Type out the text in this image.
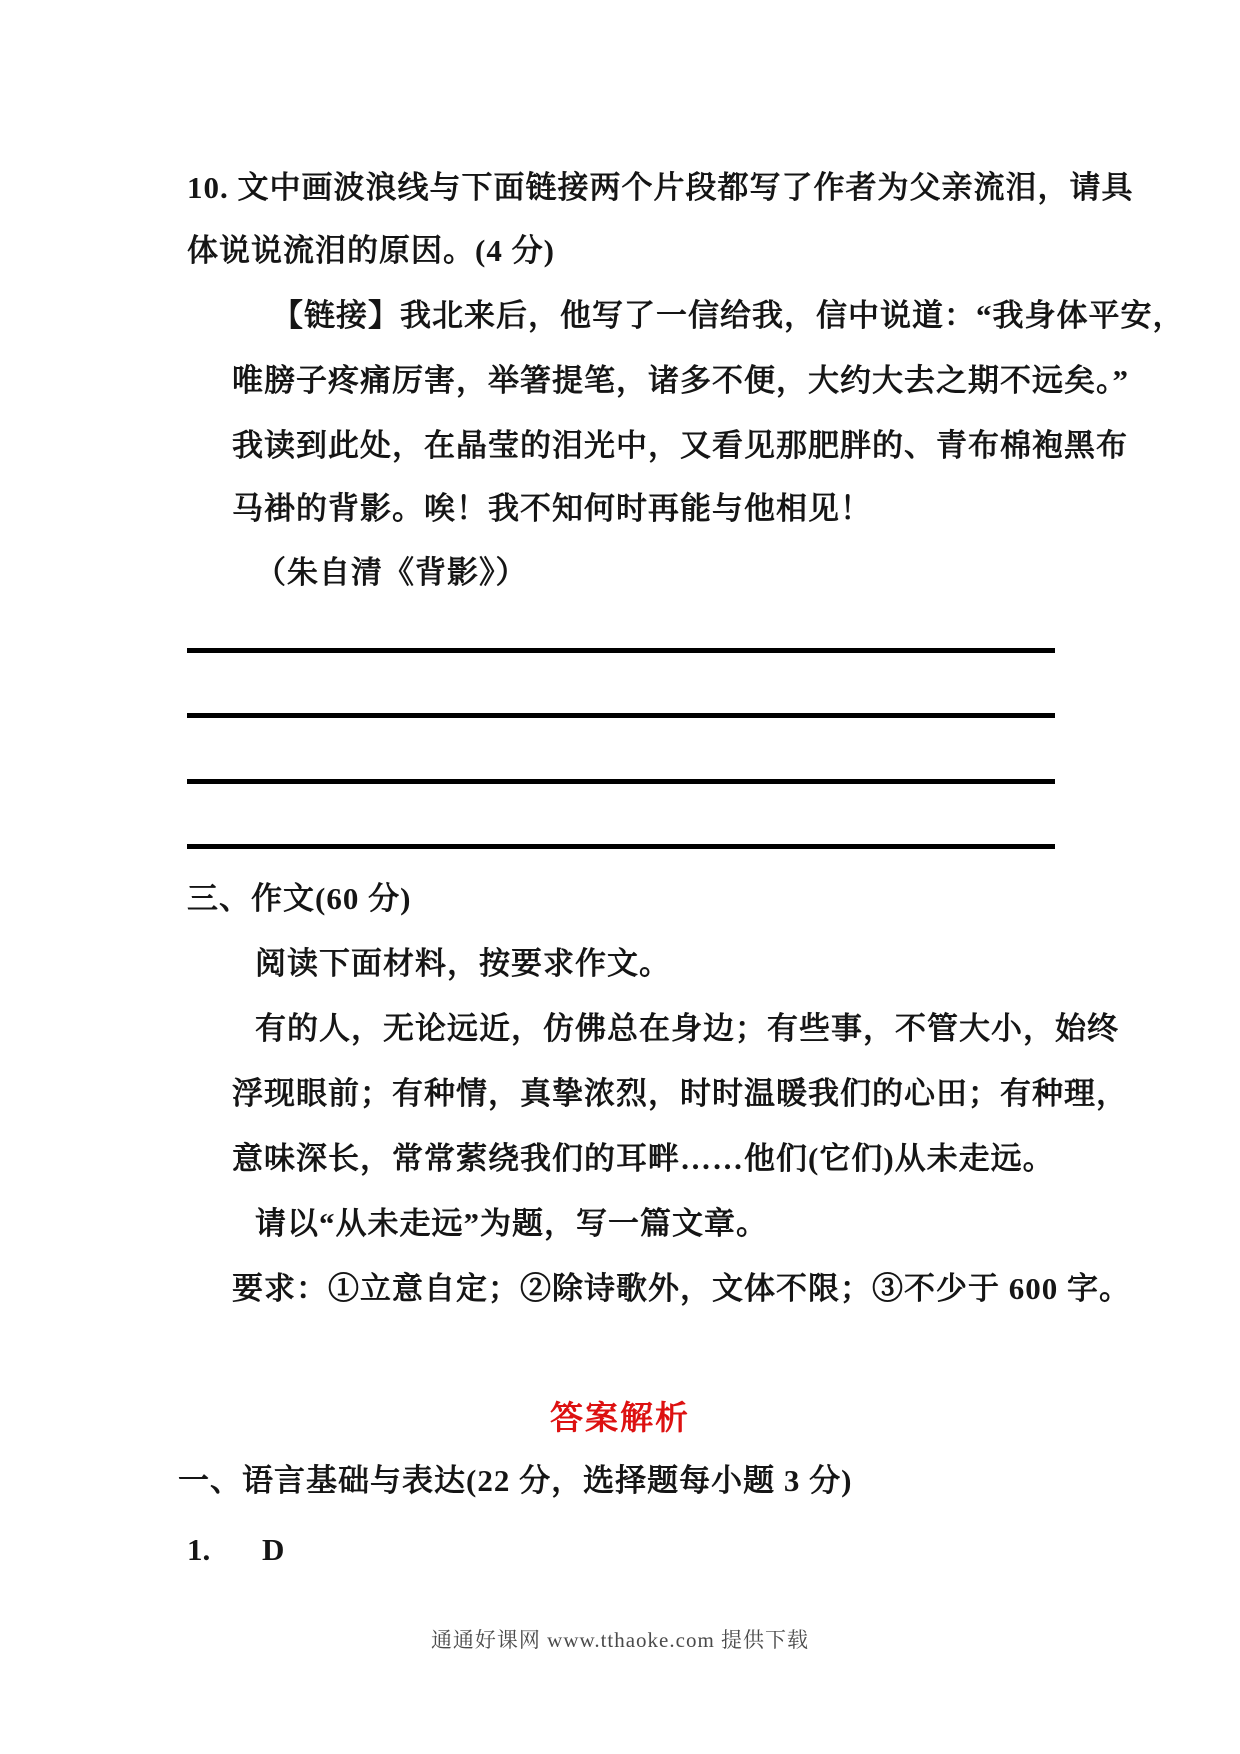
10. 文中画波浪线与下面链接两个片段都写了作者为父亲流泪，请具
体说说流泪的原因。(4 分)
【链接】我北来后，他写了一信给我，信中说道：“我身体平安，
唯膀子疼痛厉害，举箸提笔，诸多不便，大约大去之期不远矣。”
我读到此处，在晶莹的泪光中，又看见那肥胖的、青布棉袍黑布
马褂的背影。唉！我不知何时再能与他相见！
（朱自清《背影》）
三、作文(60 分)
阅读下面材料，按要求作文。
有的人，无论远近，仿佛总在身边；有些事，不管大小，始终
浮现眼前；有种情，真挚浓烈，时时温暖我们的心田；有种理，
意味深长，常常萦绕我们的耳畔……他们(它们)从未走远。
请以“从未走远”为题，写一篇文章。
要求：①立意自定；②除诗歌外，文体不限；③不少于 600 字。
答案解析
一、语言基础与表达(22 分，选择题每小题 3 分)
1. D
通通好课网 www.tthaoke.com 提供下载
